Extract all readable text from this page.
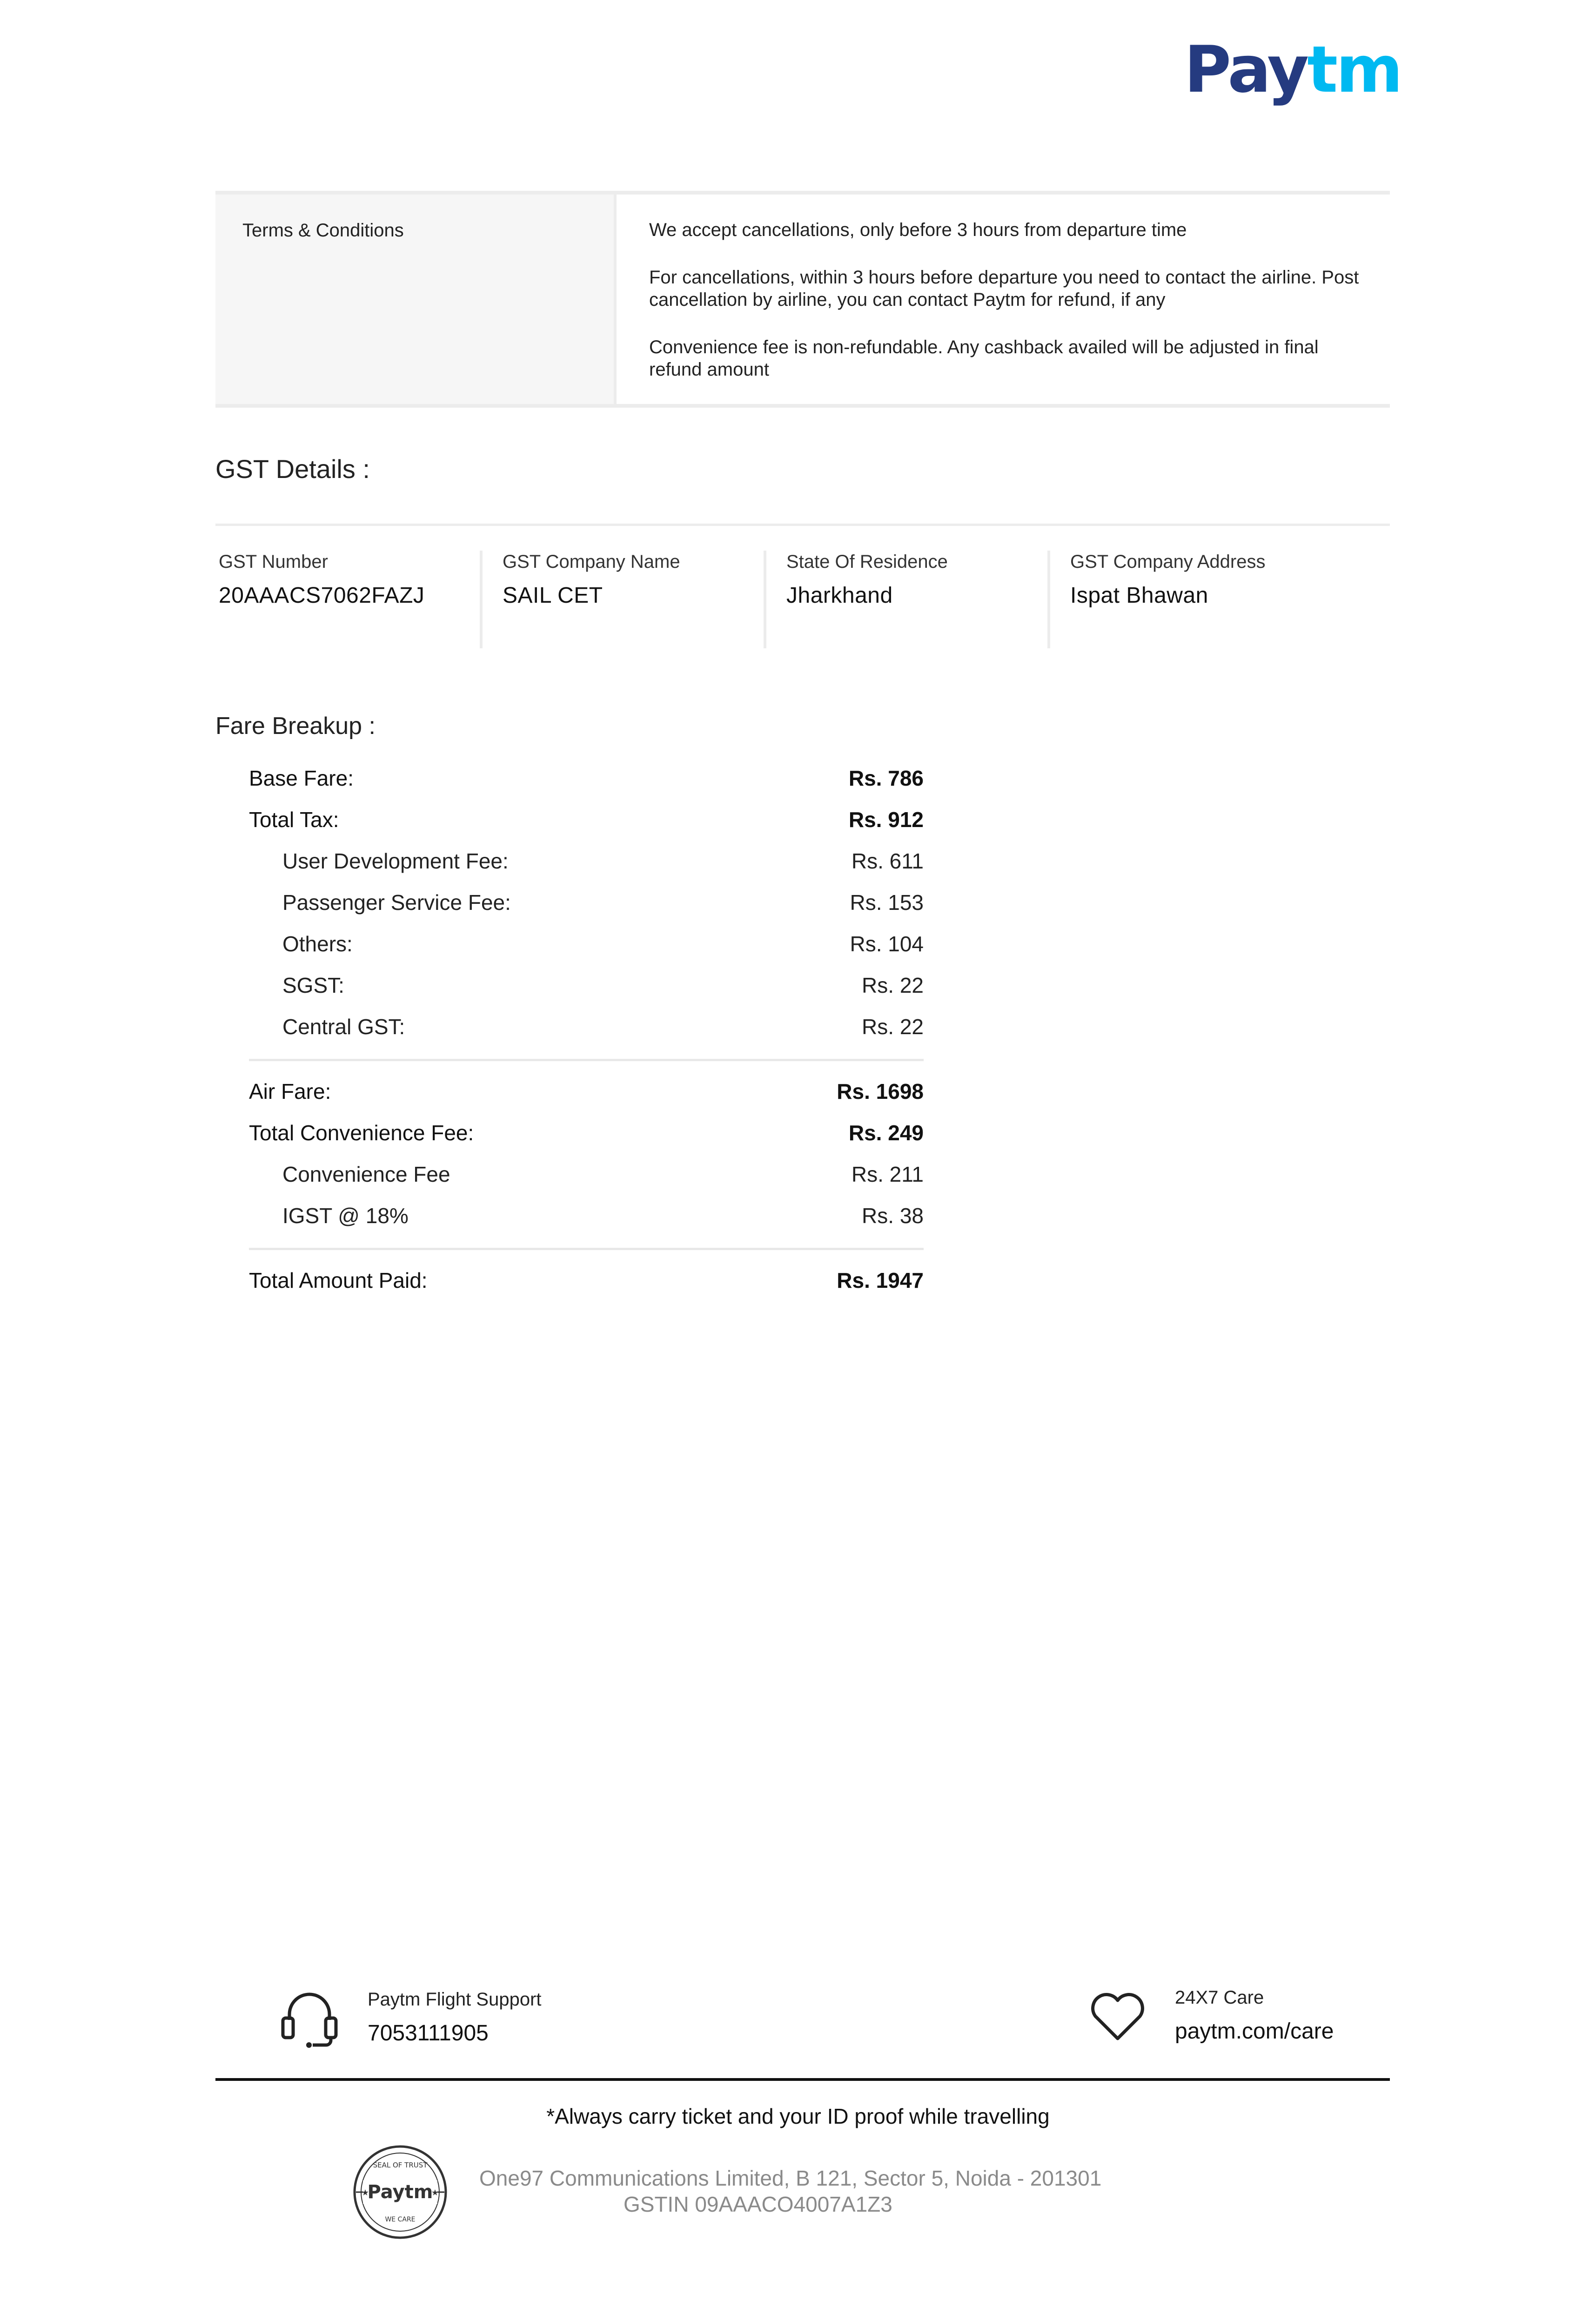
Paytm
Terms & Conditions	We accept cancellations, only before 3 hours from departure time

For cancellations, within 3 hours before departure you need to contact the airline. Post cancellation by airline, you can contact Paytm for refund, if any

Convenience fee is non-refundable. Any cashback availed will be adjusted in final refund amount

GST Details :
GST Number
20AAACS7062FAZJ
GST Company Name
SAIL CET
State Of Residence
Jharkhand
GST Company Address
Ispat Bhawan
Fare Breakup :
Base Fare:	Rs. 786
Total Tax:	Rs. 912
User Development Fee:	Rs. 611
Passenger Service Fee:	Rs. 153
Others:	Rs. 104
SGST:	Rs. 22
Central GST:	Rs. 22
Air Fare:	Rs. 1698
Total Convenience Fee:	Rs. 249
Convenience Fee	Rs. 211
IGST @ 18%	Rs. 38
Total Amount Paid:	Rs. 1947
Paytm Flight Support
7053111905
24X7 Care
paytm.com/care
*Always carry ticket and your ID proof while travelling
Paytm
SEAL OF TRUST
WE CARE
★	★
One97 Communications Limited, B 121, Sector 5, Noida - 201301
GSTIN 09AAACO4007A1Z3
